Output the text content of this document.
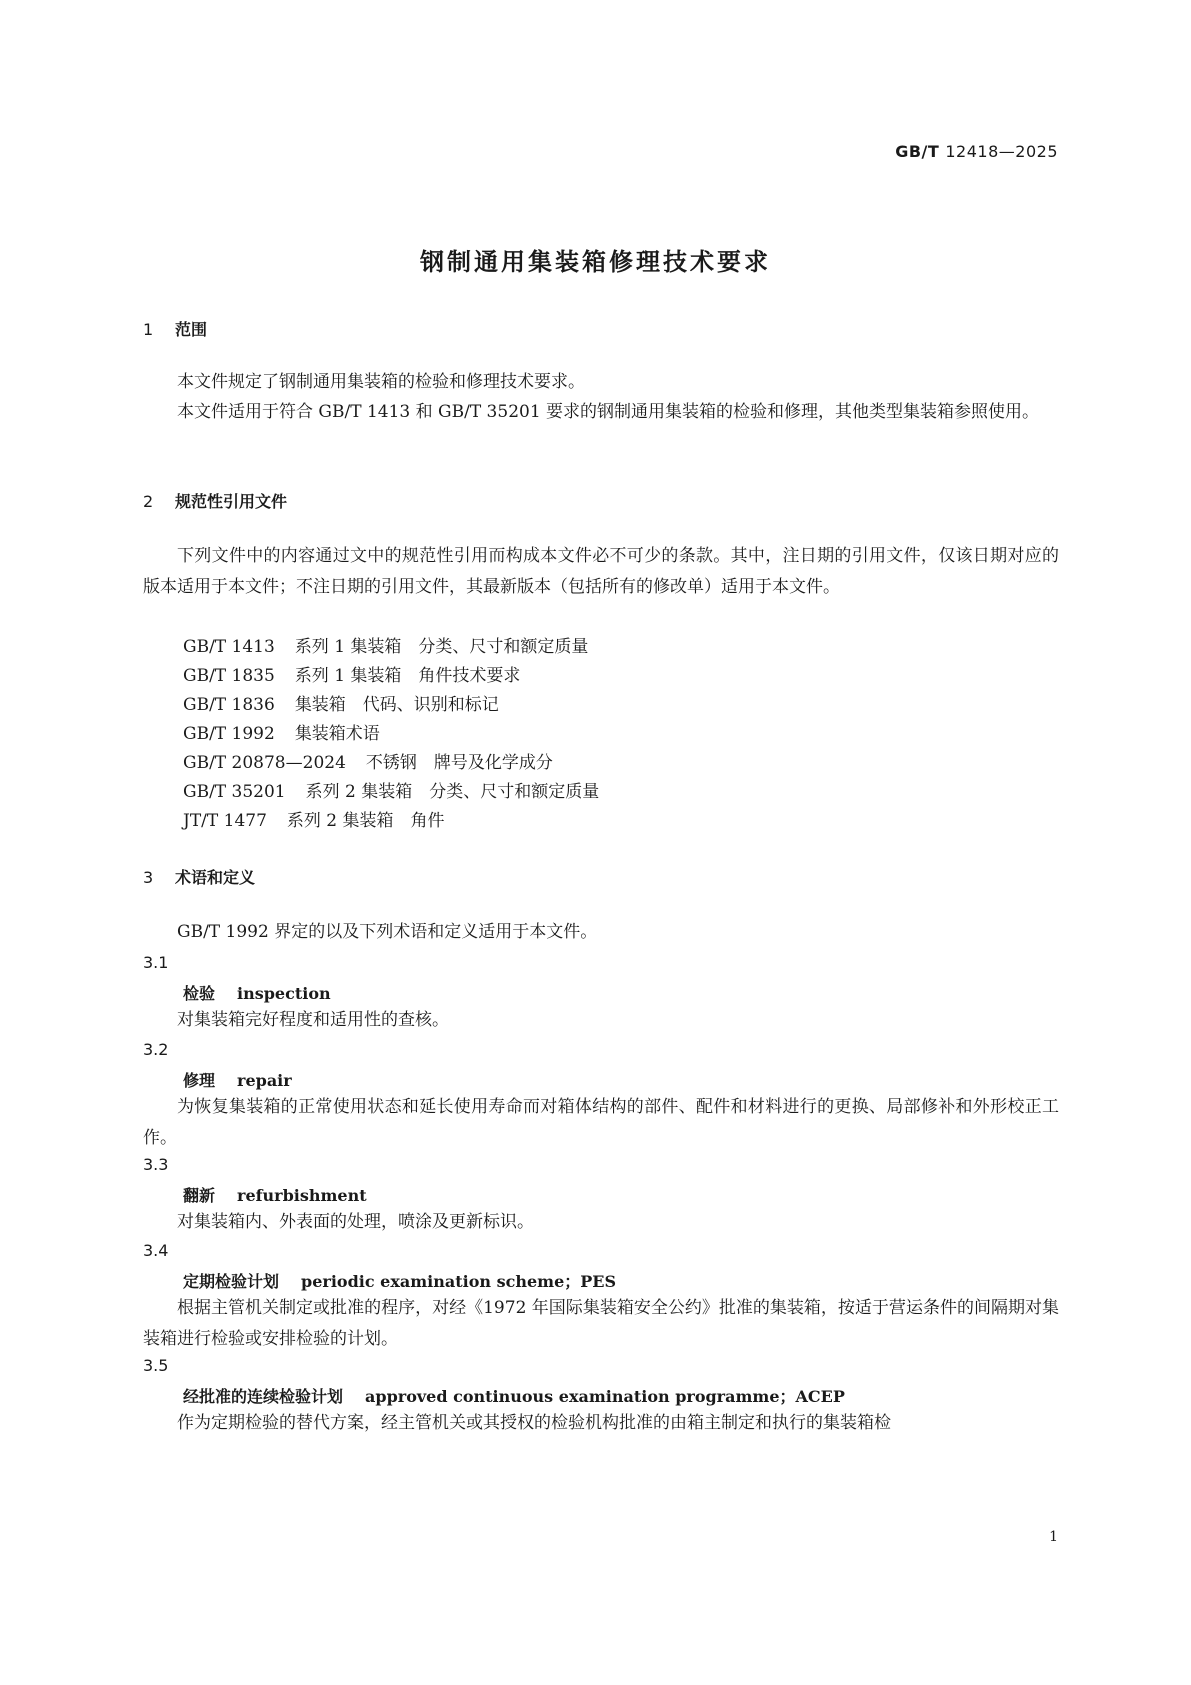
GB/T 12418—2025
钢制通用集装箱修理技术要求
1 范围

本文件规定了钢制通用集装箱的检验和修理技术要求。

本文件适用于符合 GB/T 1413 和 GB/T 35201 要求的钢制通用集装箱的检验和修理，其他类型集装箱参照使用。

2 规范性引用文件

下列文件中的内容通过文中的规范性引用而构成本文件必不可少的条款。其中，注日期的引用文件，仅该日期对应的版本适用于本文件；不注日期的引用文件，其最新版本（包括所有的修改单）适用于本文件。

GB/T 1413 系列 1 集装箱　分类、尺寸和额定质量
GB/T 1835 系列 1 集装箱　角件技术要求
GB/T 1836 集装箱　代码、识别和标记
GB/T 1992 集装箱术语
GB/T 20878—2024 不锈钢　牌号及化学成分
GB/T 35201 系列 2 集装箱　分类、尺寸和额定质量
JT/T 1477 系列 2 集装箱　角件
3 术语和定义

GB/T 1992 界定的以及下列术语和定义适用于本文件。

3.1
检验 inspection

对集装箱完好程度和适用性的查核。

3.2
修理 repair

为恢复集装箱的正常使用状态和延长使用寿命而对箱体结构的部件、配件和材料进行的更换、局部修补和外形校正工作。

3.3
翻新 refurbishment

对集装箱内、外表面的处理，喷涂及更新标识。

3.4
定期检验计划 periodic examination scheme；PES

根据主管机关制定或批准的程序，对经《1972 年国际集装箱安全公约》批准的集装箱，按适于营运条件的间隔期对集装箱进行检验或安排检验的计划。

3.5
经批准的连续检验计划 approved continuous examination programme；ACEP

作为定期检验的替代方案，经主管机关或其授权的检验机构批准的由箱主制定和执行的集装箱检

1
